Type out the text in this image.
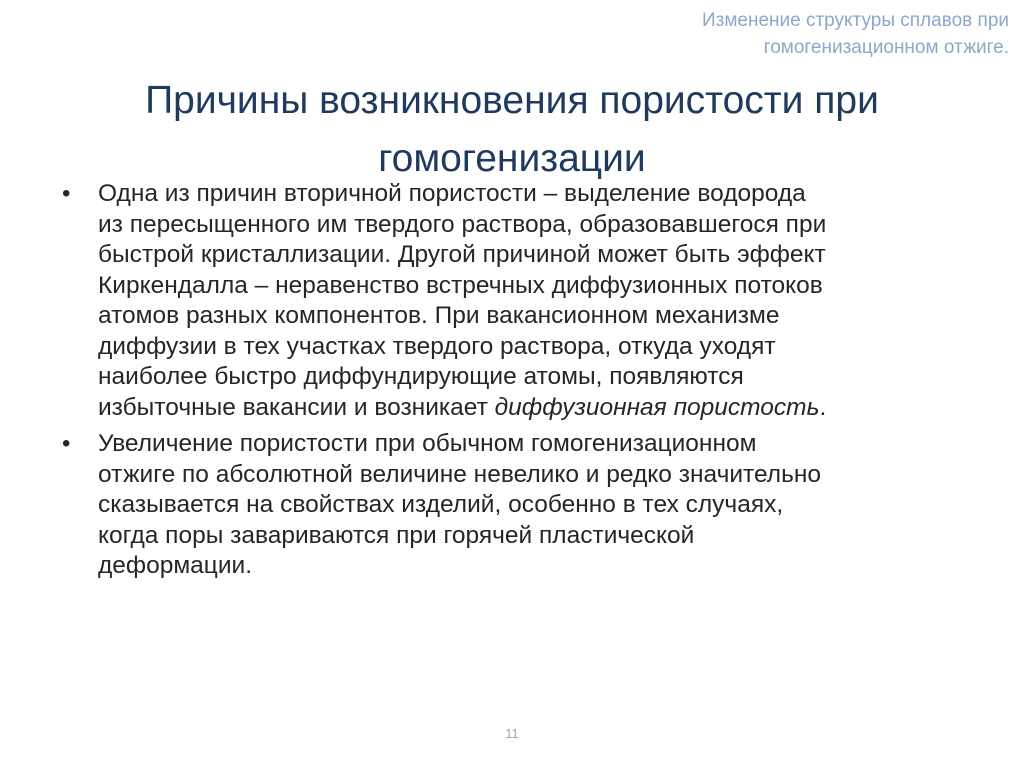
Изменение структуры сплавов при
гомогенизационном отжиге.
Причины возникновения пористости при
гомогенизации
•	Одна из причин вторичной пористости – выделение водорода
из пересыщенного им твердого раствора, образовавшегося при
быстрой кристаллизации. Другой причиной может быть эффект
Киркендалла – неравенство встречных диффузионных потоков
атомов разных компонентов. При вакансионном механизме
диффузии в тех участках твердого раствора, откуда уходят
наиболее быстро диффундирующие атомы, появляются
избыточные вакансии и возникает диффузионная пористость.
•	Увеличение пористости при обычном гомогенизационном
отжиге по абсолютной величине невелико и редко значительно
сказывается на свойствах изделий, особенно в тех случаях,
когда поры завариваются при горячей пластической
деформации.
11
